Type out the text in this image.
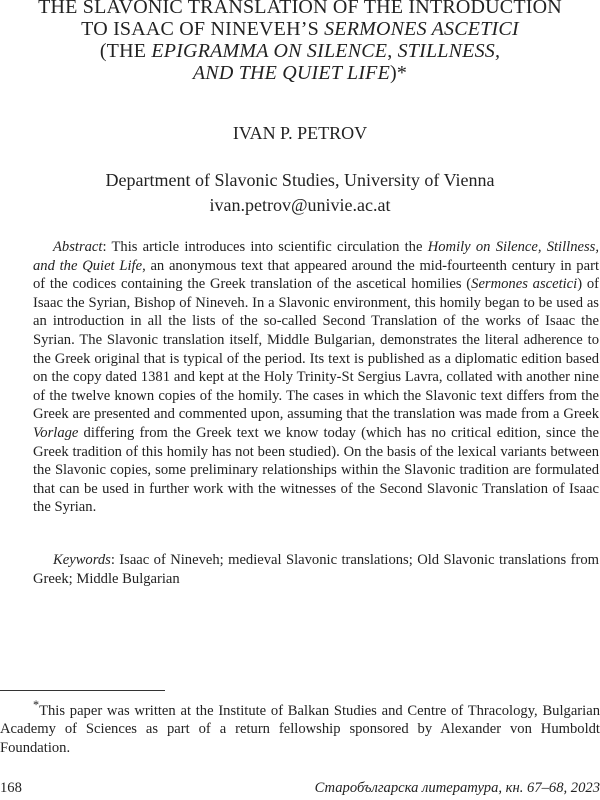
THE SLAVONIC TRANSLATION OF THE INTRODUCTION
TO ISAAC OF NINEVEH’S SERMONES ASCETICI
(THE EPIGRAMMA ON SILENCE, STILLNESS,
AND THE QUIET LIFE)*
IVAN P. PETROV
Department of Slavonic Studies, University of Vienna
ivan.petrov@univie.ac.at

Abstract: This article introduces into scientific circulation the Homily on Silence, Stillness, and the Quiet Life, an anonymous text that appeared around the mid-fourteenth century in part of the codices containing the Greek translation of the ascetical homilies (Sermones ascetici) of Isaac the Syrian, Bishop of Nineveh. In a Slavonic environment, this homily began to be used as an introduction in all the lists of the so-called Second Translation of the works of Isaac the Syrian. The Slavonic translation itself, Middle Bulgarian, demonstrates the literal adherence to the Greek original that is typical of the period. Its text is published as a diplomatic edition based on the copy dated 1381 and kept at the Holy Trinity-St Sergius Lavra, collated with another nine of the twelve known copies of the homily. The cases in which the Slavonic text differs from the Greek are presented and commented upon, assuming that the translation was made from a Greek Vorlage differing from the Greek text we know today (which has no critical edition, since the Greek tradition of this homily has not been studied). On the basis of the lexical variants between the Slavonic copies, some preliminary relationships within the Slavonic tradition are formulated that can be used in further work with the witnesses of the Second Slavonic Translation of Isaac the Syrian.

Keywords: Isaac of Nineveh; medieval Slavonic translations; Old Slavonic translations from Greek; Middle Bulgarian

*This paper was written at the Institute of Balkan Studies and Centre of Thracology, Bulgarian Academy of Sciences as part of a return fellowship sponsored by Alexander von Humboldt Foundation.

168	Старобългарска литература, кн. 67–68, 2023
